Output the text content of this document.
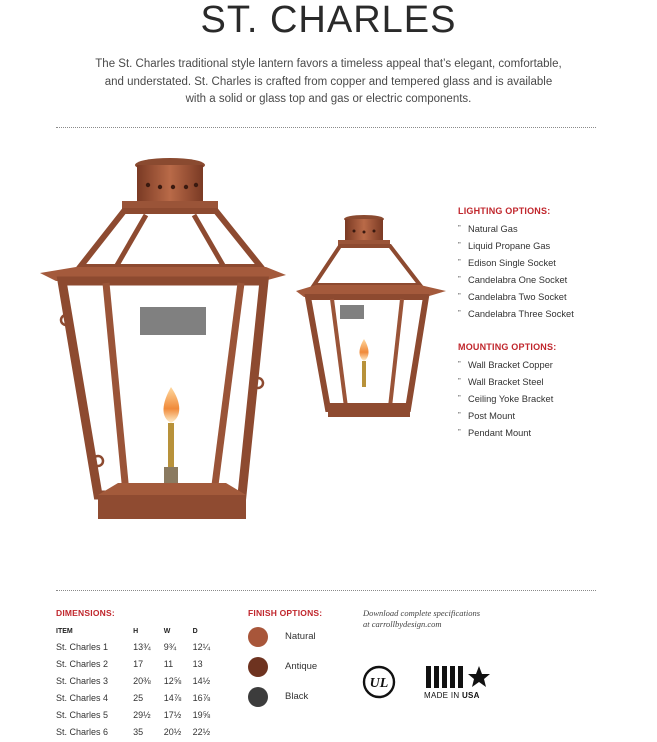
ST. CHARLES
The St. Charles traditional style lantern favors a timeless appeal that’s elegant, comfortable,
and understated. St. Charles is crafted from copper and tempered glass and is available
with a solid or glass top and gas or electric components.
LIGHTING OPTIONS:
” Natural Gas
” Liquid Propane Gas
” Edison Single Socket
” Candelabra One Socket
” Candelabra Two Socket
” Candelabra Three Socket
MOUNTING OPTIONS:
” Wall Bracket Copper
” Wall Bracket Steel
” Ceiling Yoke Bracket
” Post Mount
” Pendant Mount
DIMENSIONS:
ITEM	H	W	D
St. Charles 1	13¾	9¾	12¼
St. Charles 2	17	11	13
St. Charles 3	20⅜	12⅝	14½
St. Charles 4	25	14⅞	16⅞
St. Charles 5	29½	17½	19⅝
St. Charles 6	35	20½	22½
FINISH OPTIONS:
Natural
Antique
Black
Download complete specifications
at carrollbydesign.com
UL
MADE IN USA
